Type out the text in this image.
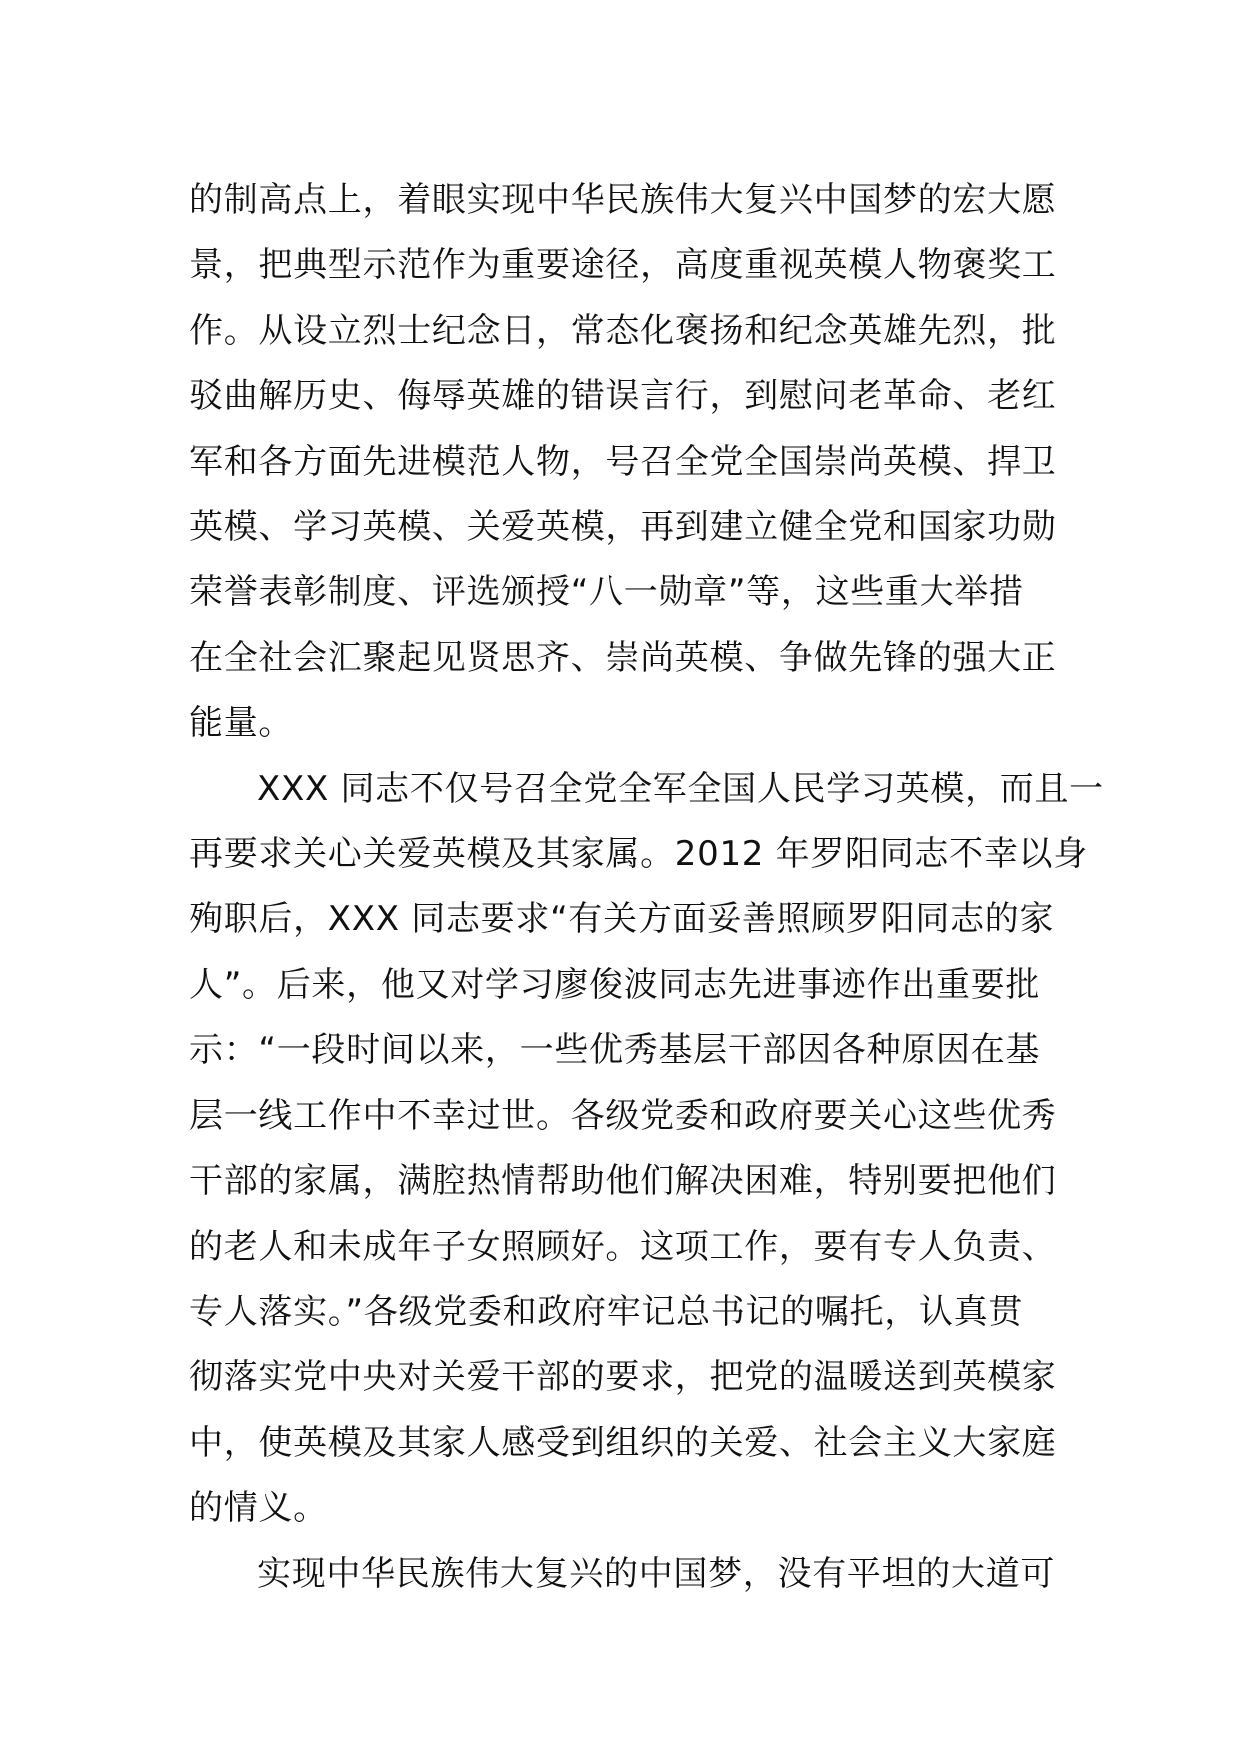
的制高点上，着眼实现中华民族伟大复兴中国梦的宏大愿
景，把典型示范作为重要途径，高度重视英模人物褒奖工
作。从设立烈士纪念日，常态化褒扬和纪念英雄先烈，批
驳曲解历史、侮辱英雄的错误言行，到慰问老革命、老红
军和各方面先进模范人物，号召全党全国崇尚英模、捍卫
英模、学习英模、关爱英模，再到建立健全党和国家功勋
荣誉表彰制度、评选颁授“八一勋章”等，这些重大举措
在全社会汇聚起见贤思齐、崇尚英模、争做先锋的强大正
能量。

XXX 同志不仅号召全党全军全国人民学习英模，而且一
再要求关心关爱英模及其家属。2012 年罗阳同志不幸以身
殉职后，XXX 同志要求“有关方面妥善照顾罗阳同志的家
人”。后来，他又对学习廖俊波同志先进事迹作出重要批
示：“一段时间以来，一些优秀基层干部因各种原因在基
层一线工作中不幸过世。各级党委和政府要关心这些优秀
干部的家属，满腔热情帮助他们解决困难，特别要把他们
的老人和未成年子女照顾好。这项工作，要有专人负责、
专人落实。”各级党委和政府牢记总书记的嘱托，认真贯
彻落实党中央对关爱干部的要求，把党的温暖送到英模家
中，使英模及其家人感受到组织的关爱、社会主义大家庭
的情义。

实现中华民族伟大复兴的中国梦，没有平坦的大道可
